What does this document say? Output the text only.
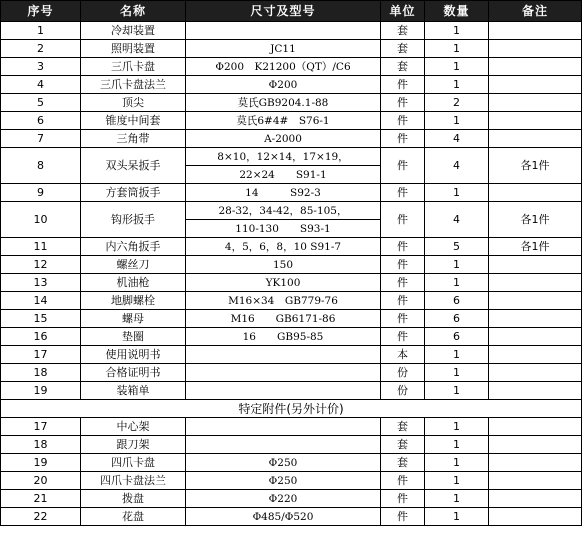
序号	名称	尺寸及型号	单位	数量	备注
1	冷却装置		套	1	
2	照明装置	JC11	套	1	
3	三爪卡盘	Φ200　K21200（QT）/C6	套	1	
4	三爪卡盘法兰	Φ200	件	1	
5	顶尖	莫氏GB9204.1-88	件	2	
6	锥度中间套	莫氏6#4#　S76-1	件	1	
7	三角带	A-2000	件	4	
8	双头呆扳手	8×10，12×14，17×19，	件	4	各1件
		22×24　　S91-1			
9	方套筒扳手	14　　　S92-3	件	1	
10	钩形扳手	28-32，34-42，85-105，	件	4	各1件
		110-130　　S93-1			
11	内六角扳手	4，5，6，8，10 S91-7	件	5	各1件
12	螺丝刀	150	件	1	
13	机油枪	YK100	件	1	
14	地脚螺栓	M16×34　GB779-76	件	6	
15	螺母	M16　　GB6171-86	件	6	
16	垫圈	16　　GB95-85	件	6	
17	使用说明书		本	1	
18	合格证明书		份	1	
19	装箱单		份	1	
特定附件(另外计价)					
17	中心架		套	1	
18	跟刀架		套	1	
19	四爪卡盘	Φ250	套	1	
20	四爪卡盘法兰	Φ250	件	1	
21	拨盘	Φ220	件	1	
22	花盘	Φ485/Φ520	件	1	
